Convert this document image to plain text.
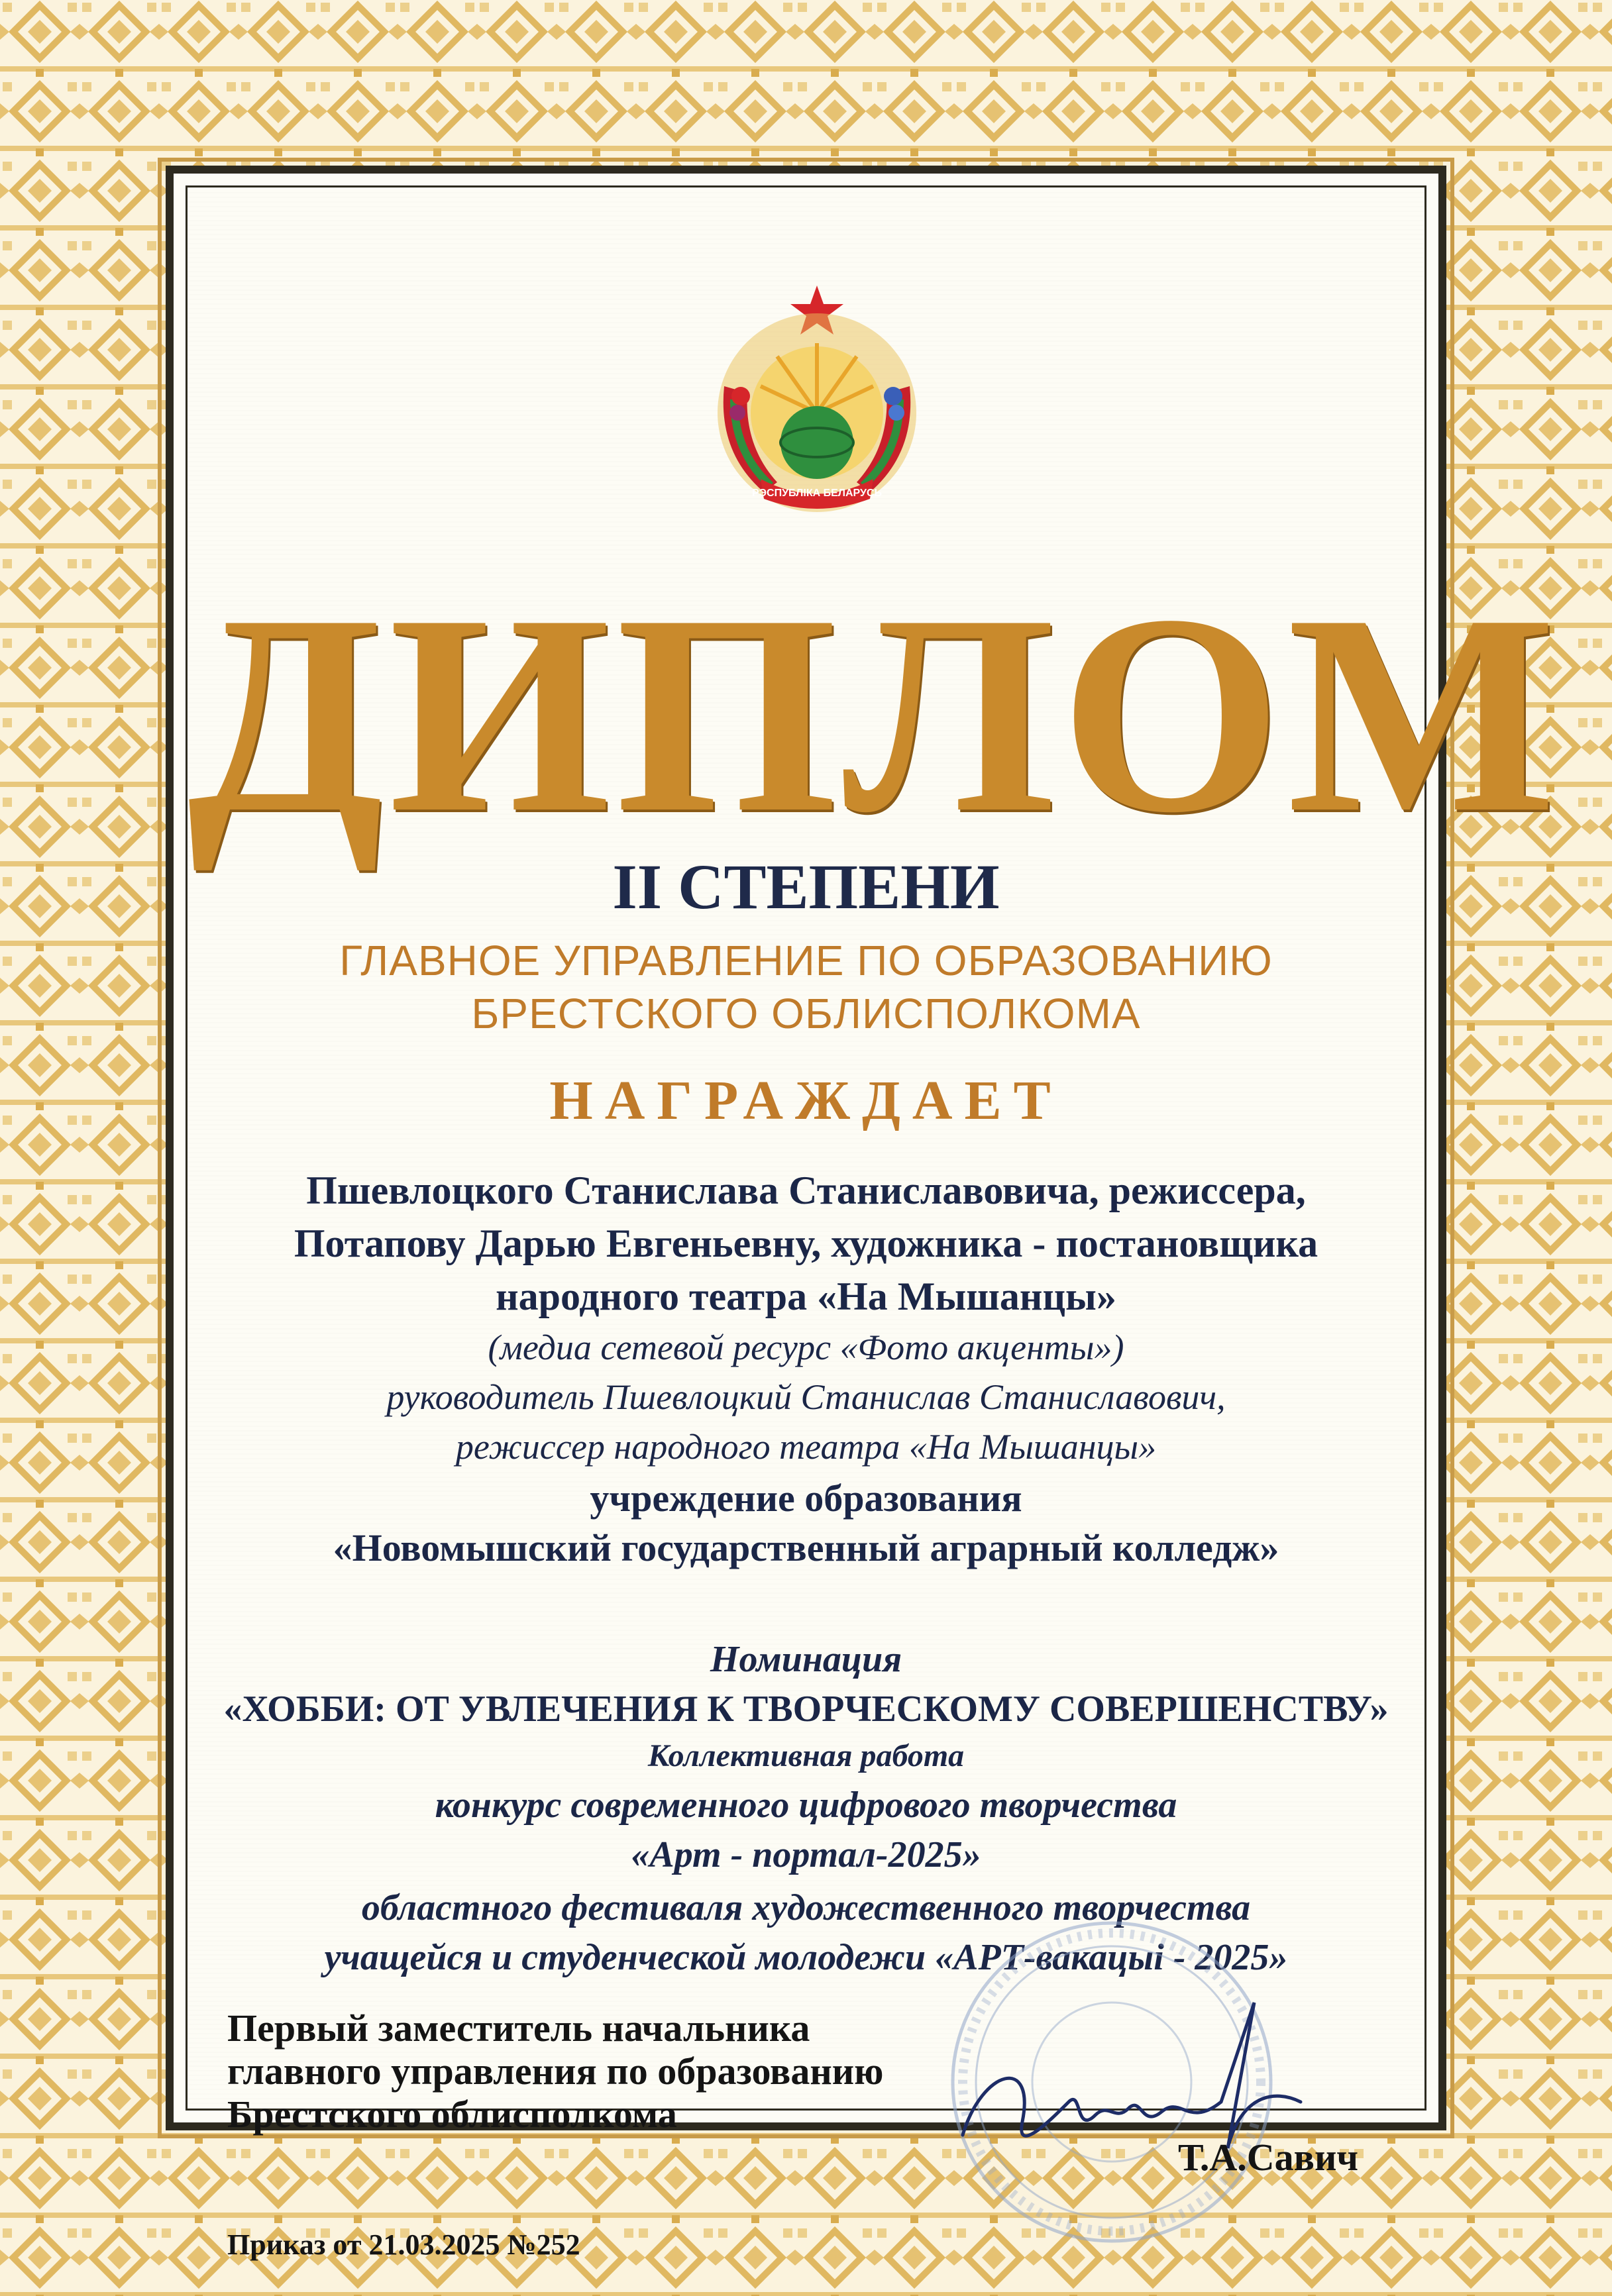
РЭСПУБЛІКА БЕЛАРУСЬ
ДИПЛОМ
II СТЕПЕНИ
ГЛАВНОЕ УПРАВЛЕНИЕ ПО ОБРАЗОВАНИЮ
БРЕСТСКОГО ОБЛИСПОЛКОМА
НАГРАЖДАЕТ
Пшевлоцкого Станислава Станиславовича, режиссера,
Потапову Дарью Евгеньевну, художника - постановщика
народного театра «На Мышанцы»
(медиа сетевой ресурс «Фото акценты»)
руководитель Пшевлоцкий Станислав Станиславович,
режиссер народного театра «На Мышанцы»
учреждение образования
«Новомышский государственный аграрный колледж»
Номинация
«ХОББИ: ОТ УВЛЕЧЕНИЯ К ТВОРЧЕСКОМУ СОВЕРШЕНСТВУ»
Коллективная работа
конкурс современного цифрового творчества
«Арт - портал-2025»
областного фестиваля художественного творчества
учащейся и студенческой молодежи «АРТ-вакацыі - 2025»
Первый заместитель начальника
главного управления по образованию
Брестского облисполкома
Т.А.Савич
Приказ от 21.03.2025 №252
